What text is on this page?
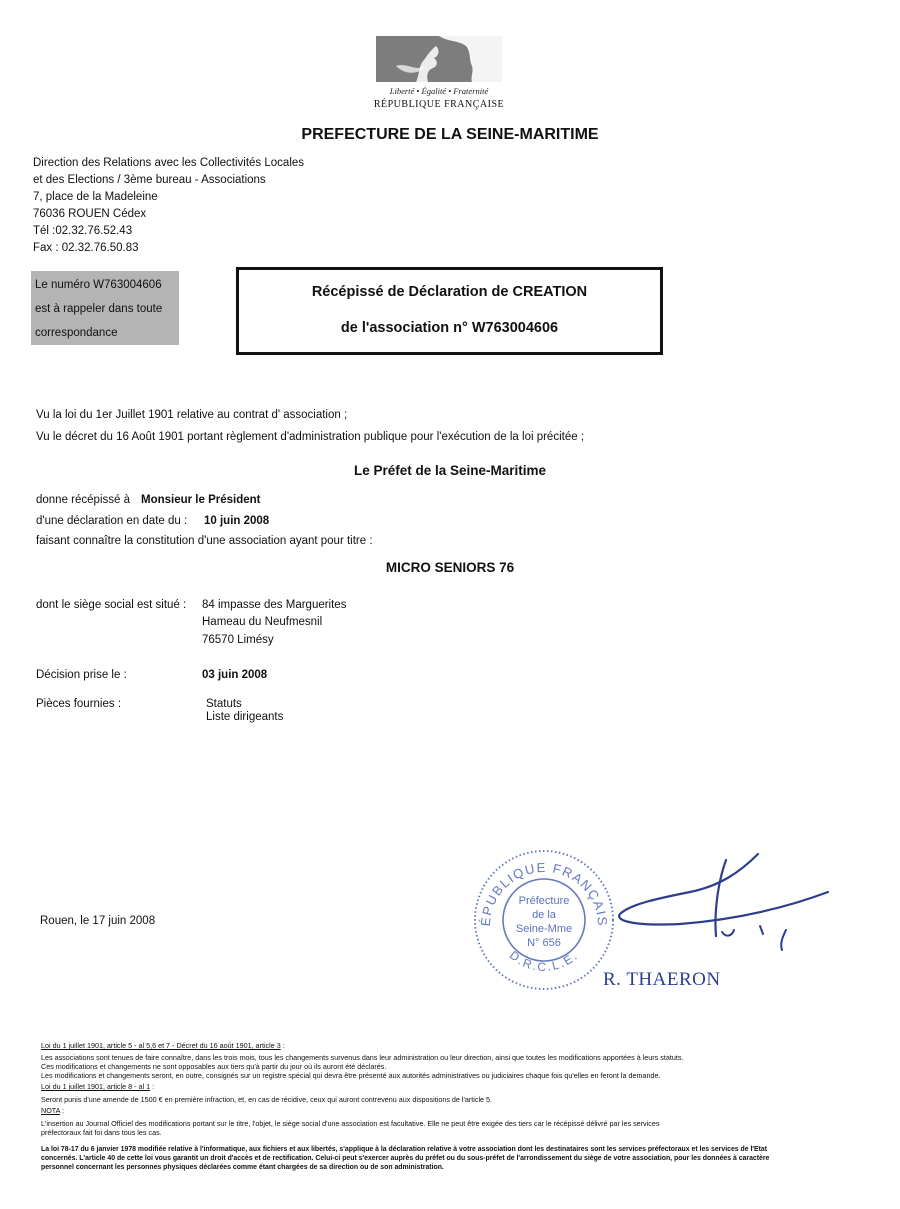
Liberté • Égalité • Fraternité
RÉPUBLIQUE FRANÇAISE
PREFECTURE DE LA SEINE-MARITIME
Direction des Relations avec les Collectivités Locales
et des Elections / 3ème bureau - Associations
7, place de la Madeleine
76036 ROUEN Cédex
Tél :02.32.76.52.43
Fax : 02.32.76.50.83
Le numéro W763004606
est à rappeler dans toute
correspondance
Récépissé de Déclaration de CREATION
de l'association n° W763004606
Vu la loi du 1er Juillet 1901 relative au contrat d' association ;
Vu le décret du 16 Août 1901 portant règlement d'administration publique pour l'exécution de la loi précitée ;
Le Préfet de la Seine-Maritime
donne récépissé à Monsieur le Président
d'une déclaration en date du : 10 juin 2008
faisant connaître la constitution d'une association ayant pour titre :
MICRO SENIORS 76
dont le siège social est situé : 84 impasse des Marguerites
Hameau du Neufmesnil
76570 Limésy
Décision prise le :	03 juin 2008
Pièces fournies :	Statuts
Liste dirigeants
Rouen, le 17 juin 2008	ÉPUBLIQUE FRANÇAIS
D.R.C.L.E.
Préfecture
de la
Seine-Mme
N° 656
R. THAERON
Loi du 1 juillet 1901, article 5 - al 5,6 et 7 - Décret du 16 août 1901, article 3 :
Les associations sont tenues de faire connaître, dans les trois mois, tous les changements survenus dans leur administration ou leur direction, ainsi que toutes les modifications apportées à leurs statuts.
Ces modifications et changements ne sont opposables aux tiers qu'à partir du jour où ils auront été déclarés.
Les modifications et changements seront, en outre, consignés sur un registre spécial qui devra être présenté aux autorités administratives ou judiciaires chaque fois qu'elles en feront la demande.
Loi du 1 juillet 1901, article 8 - al 1 :
Seront punis d'une amende de 1500 € en première infraction, et, en cas de récidive, ceux qui auront contrevenu aux dispositions de l'article 5.
NOTA :
L'insertion au Journal Officiel des modifications portant sur le titre, l'objet, le siège social d'une association est facultative. Elle ne peut être exigée des tiers car le récépissé délivré par les services
préfectoraux fait foi dans tous les cas.
La loi 78-17 du 6 janvier 1978 modifiée relative à l'informatique, aux fichiers et aux libertés, s'applique à la déclaration relative à votre association dont les destinataires sont les services préfectoraux et les services de l'Etat
concernés. L'article 40 de cette loi vous garantit un droit d'accès et de rectification. Celui-ci peut s'exercer auprès du préfet ou du sous-préfet de l'arrondissement du siège de votre association, pour les données à caractère
personnel concernant les personnes physiques déclarées comme étant chargées de sa direction ou de son administration.
